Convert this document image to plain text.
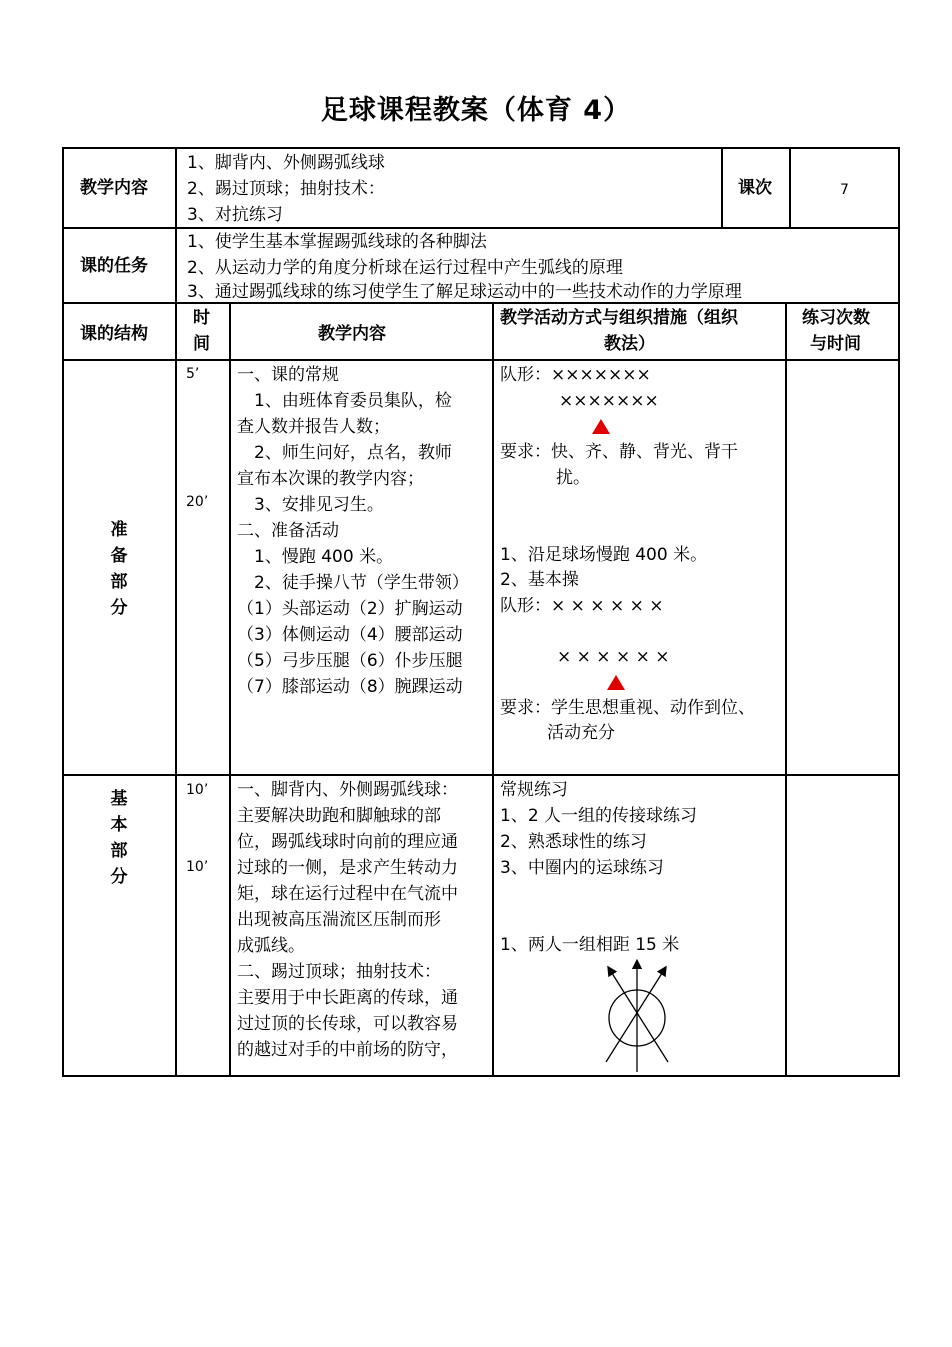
足球课程教案（体育 4）
教学内容
1、脚背内、外侧踢弧线球
2、踢过顶球；抽射技术：
3、对抗练习
课次	7
课的任务
1、使学生基本掌握踢弧线球的各种脚法
2、从运动力学的角度分析球在运行过程中产生弧线的原理
3、通过踢弧线球的练习使学生了解足球运动中的一些技术动作的力学原理
课的结构
时
间	教学内容
教学活动方式与组织措施（组织
教法）
练习次数
与时间
准
备
部
分
5’
20’
一、课的常规
　1、由班体育委员集队，检
查人数并报告人数；
　2、师生问好，点名，教师
宣布本次课的教学内容；
　3、安排见习生。
二、准备活动
　1、慢跑 400 米。
　2、徒手操八节（学生带领）
（1）头部运动（2）扩胸运动
（3）体侧运动（4）腰部运动
（5）弓步压腿（6）仆步压腿
（7）膝部运动（8）腕踝运动
队形：×××××××
×××××××
要求：快、齐、静、背光、背干
扰。
1、沿足球场慢跑 400 米。
2、基本操
队形：× × × × × ×
× × × × × ×
要求：学生思想重视、动作到位、
活动充分
基
本
部
分
10’
10’
一、脚背内、外侧踢弧线球：
主要解决助跑和脚触球的部
位，踢弧线球时向前的理应通
过球的一侧，是求产生转动力
矩，球在运行过程中在气流中
出现被高压湍流区压制而形
成弧线。
二、踢过顶球；抽射技术：
主要用于中长距离的传球，通
过过顶的长传球，可以教容易
的越过对手的中前场的防守，
常规练习
1、2 人一组的传接球练习
2、熟悉球性的练习
3、中圈内的运球练习
1、两人一组相距 15 米
